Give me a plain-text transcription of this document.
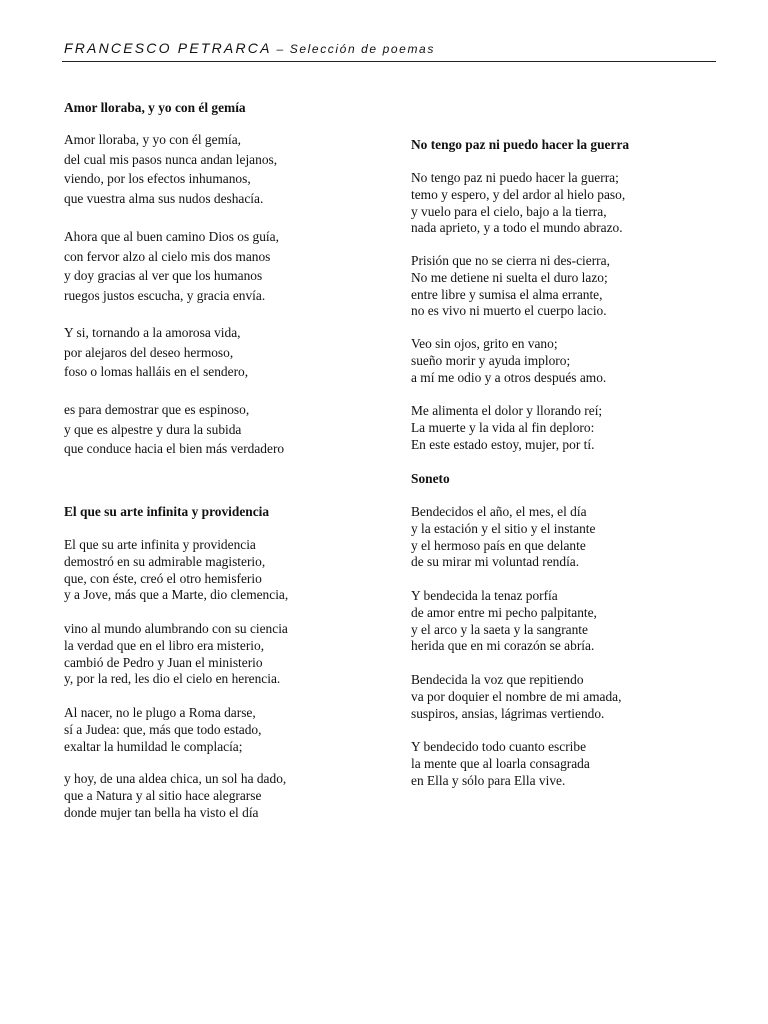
FRANCESCO PETRARCA – Selección de poemas
Amor lloraba, y yo con él gemía
Amor lloraba, y yo con él gemía,
del cual mis pasos nunca andan lejanos,
viendo, por los efectos inhumanos,
que vuestra alma sus nudos deshacía.
Ahora que al buen camino Dios os guía,
con fervor alzo al cielo mis dos manos
y doy gracias al ver que los humanos
ruegos justos escucha, y gracia envía.
Y si, tornando a la amorosa vida,
por alejaros del deseo hermoso,
foso o lomas halláis en el sendero,
es para demostrar que es espinoso,
y que es alpestre y dura la subida
que conduce hacia el bien más verdadero
El que su arte infinita y providencia
El que su arte infinita y providencia
demostró en su admirable magisterio,
que, con éste, creó el otro hemisferio
y a Jove, más que a Marte, dio clemencia,
vino al mundo alumbrando con su ciencia
la verdad que en el libro era misterio,
cambió de Pedro y Juan el ministerio
y, por la red, les dio el cielo en herencia.
Al nacer, no le plugo a Roma darse,
sí a Judea: que, más que todo estado,
exaltar la humildad le complacía;
y hoy, de una aldea chica, un sol ha dado,
que a Natura y al sitio hace alegrarse
donde mujer tan bella ha visto el día
No tengo paz ni puedo hacer la guerra
No tengo paz ni puedo hacer la guerra;
temo y espero, y del ardor al hielo paso,
y vuelo para el cielo, bajo a la tierra,
nada aprieto, y a todo el mundo abrazo.
Prisión que no se cierra ni des-cierra,
No me detiene ni suelta el duro lazo;
entre libre y sumisa el alma errante,
no es vivo ni muerto el cuerpo lacio.
Veo sin ojos, grito en vano;
sueño morir y ayuda imploro;
a mí me odio y a otros después amo.
Me alimenta el dolor y llorando reí;
La muerte y la vida al fin deploro:
En este estado estoy, mujer, por tí.
Soneto
Bendecidos el año, el mes, el día
y la estación y el sitio y el instante
y el hermoso país en que delante
de su mirar mi voluntad rendía.
Y bendecida la tenaz porfía
de amor entre mi pecho palpitante,
y el arco y la saeta y la sangrante
herida que en mi corazón se abría.
Bendecida la voz que repitiendo
va por doquier el nombre de mi amada,
suspiros, ansias, lágrimas vertiendo.
Y bendecido todo cuanto escribe
la mente que al loarla consagrada
en Ella y sólo para Ella vive.
